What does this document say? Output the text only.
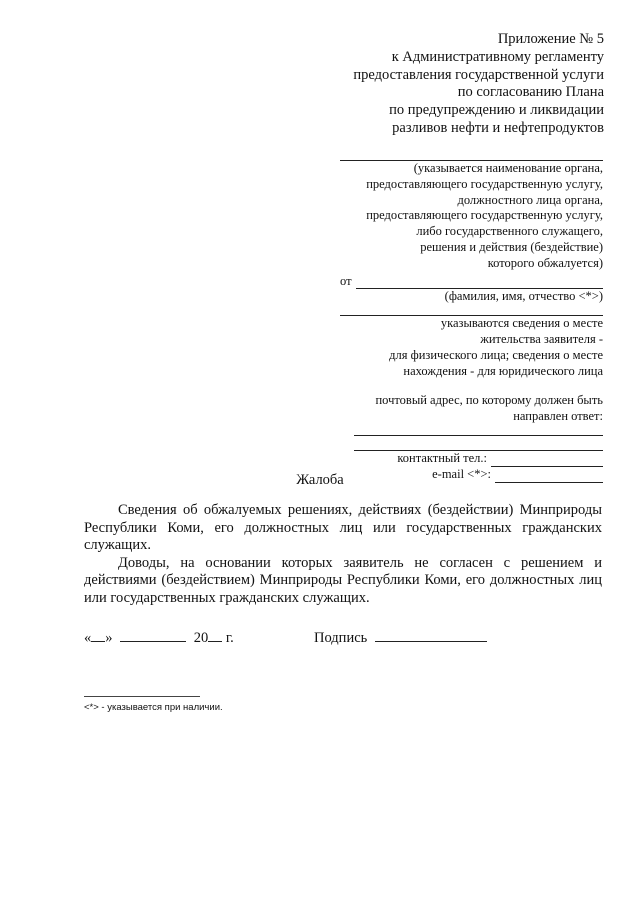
Приложение № 5
к Административному регламенту
предоставления государственной услуги
по согласованию Плана
по предупреждению и ликвидации
разливов нефти и нефтепродуктов
(указывается наименование органа,
предоставляющего государственную услугу,
должностного лица органа,
предоставляющего государственную услугу,
либо государственного служащего,
решения и действия (бездействие)
которого обжалуется)
от
(фамилия, имя, отчество <*>)
указываются сведения о месте
жительства заявителя -
для физического лица; сведения о месте
нахождения - для юридического лица
почтовый адрес, по которому должен быть
направлен ответ:
контактный тел.:
e-mail <*>:
Жалоба

Сведения об обжалуемых решениях, действиях (бездействии) Минприроды Республики Коми, его должностных лиц или государственных гражданских служащих.

Доводы, на основании которых заявитель не согласен с решением и действиями (бездействием) Минприроды Республики Коми, его должностных лиц или государственных гражданских служащих.

« »	20 г.	Подпись
<*> - указывается при наличии.
